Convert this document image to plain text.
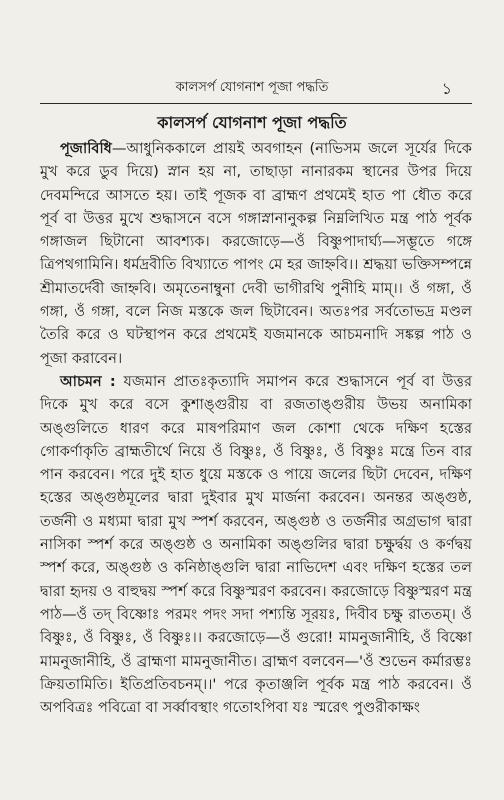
কালসর্প যোগনাশ পূজা পদ্ধতি	১
কালসর্প যোগনাশ পূজা পদ্ধতি

পূজাবিধি—আধুনিককালে প্রায়ই অবগাহন (নাভিসম জলে সূর্যের দিকে মুখ করে ডুব দিয়ে) স্নান হয় না, তাছাড়া নানারকম স্থানের উপর দিয়ে দেবমন্দিরে আসতে হয়। তাই পূজক বা ব্রাহ্মণ প্রথমেই হাত পা ধৌত করে পূর্ব বা উত্তর মুখে শুদ্ধাসনে বসে গঙ্গাস্নানানুকল্প নিম্নলিখিত মন্ত্র পাঠ পূর্বক গঙ্গাজল ছিটানো আবশ্যক। করজোড়ে—ওঁ বিষ্ণুপাদার্ঘ্য—সম্ভূতে গঙ্গে ত্রিপথগামিনি। ধর্মদ্রবীতি বিখ্যাতে পাপং মে হর জাহ্নবি।। শ্রদ্ধয়া ভক্তিসম্পন্নে শ্রীমাতর্দেবী জাহ্নবি। অমৃতেনাম্বুনা দেবী ভাগীরথি পুনীহি মাম্।। ওঁ গঙ্গা, ওঁ গঙ্গা, ওঁ গঙ্গা, বলে নিজ মস্তকে জল ছিটাবেন। অতঃপর সর্বতোভদ্র মণ্ডল তৈরি করে ও ঘটস্থাপন করে প্রথমেই যজমানকে আচমনাদি সঙ্কল্প পাঠ ও পূজা করাবেন।

আচমন : যজমান প্রাতঃকৃত্যাদি সমাপন করে শুদ্ধাসনে পূর্ব বা উত্তর দিকে মুখ করে বসে কুশাঙ্গুরীয় বা রজতাঙ্গুরীয় উভয় অনামিকা অঙ্গুলিতে ধারণ করে মাষপরিমাণ জল কোশা থেকে দক্ষিণ হস্তের গোকর্ণাকৃতি ব্রাহ্মতীর্থে নিয়ে ওঁ বিষ্ণুঃ, ওঁ বিষ্ণুঃ, ওঁ বিষ্ণুঃ মন্ত্রে তিন বার পান করবেন। পরে দুই হাত ধুয়ে মস্তকে ও পায়ে জলের ছিটা দেবেন, দক্ষিণ হস্তের অঙ্গুষ্ঠমূলের দ্বারা দুইবার মুখ মার্জনা করবেন। অনন্তর অঙ্গুষ্ঠ, তর্জনী ও মধ্যমা দ্বারা মুখ স্পর্শ করবেন, অঙ্গুষ্ঠ ও তর্জনীর অগ্রভাগ দ্বারা নাসিকা স্পর্শ করে অঙ্গুষ্ঠ ও অনামিকা অঙ্গুলির দ্বারা চক্ষুর্দ্বয় ও কর্ণদ্বয় স্পর্শ করে, অঙ্গুষ্ঠ ও কনিষ্ঠাঙ্গুলি দ্বারা নাভিদেশ এবং দক্ষিণ হস্তের তল দ্বারা হৃদয় ও বাহুদ্বয় স্পর্শ করে বিষ্ণুস্মরণ করবেন। করজোড়ে বিষ্ণুস্মরণ মন্ত্র পাঠ—ওঁ তদ্ বিষ্ণোঃ পরমং পদং সদা পশ্যন্তি সূরয়ঃ, দিবীব চক্ষু রাততম্। ওঁ বিষ্ণুঃ, ওঁ বিষ্ণুঃ, ওঁ বিষ্ণুঃ।। করজোড়ে—ওঁ গুরো! মামনুজানীহি, ওঁ বিষ্ণো মামনুজানীহি, ওঁ ব্রাহ্মণা মামনুজানীত। ব্রাহ্মণ বলবেন—'ওঁ শুভেন কর্মারম্ভঃ ক্রিয়তামিতি। ইতিপ্রতিবচনম্।।' পরে কৃতাঞ্জলি পূর্বক মন্ত্র পাঠ করবেন। ওঁ অপবিত্রঃ পবিত্রো বা সর্ব্বাবস্থাং গতোঽপিবা যঃ স্মরেৎ পুণ্ডরীকাক্ষং
